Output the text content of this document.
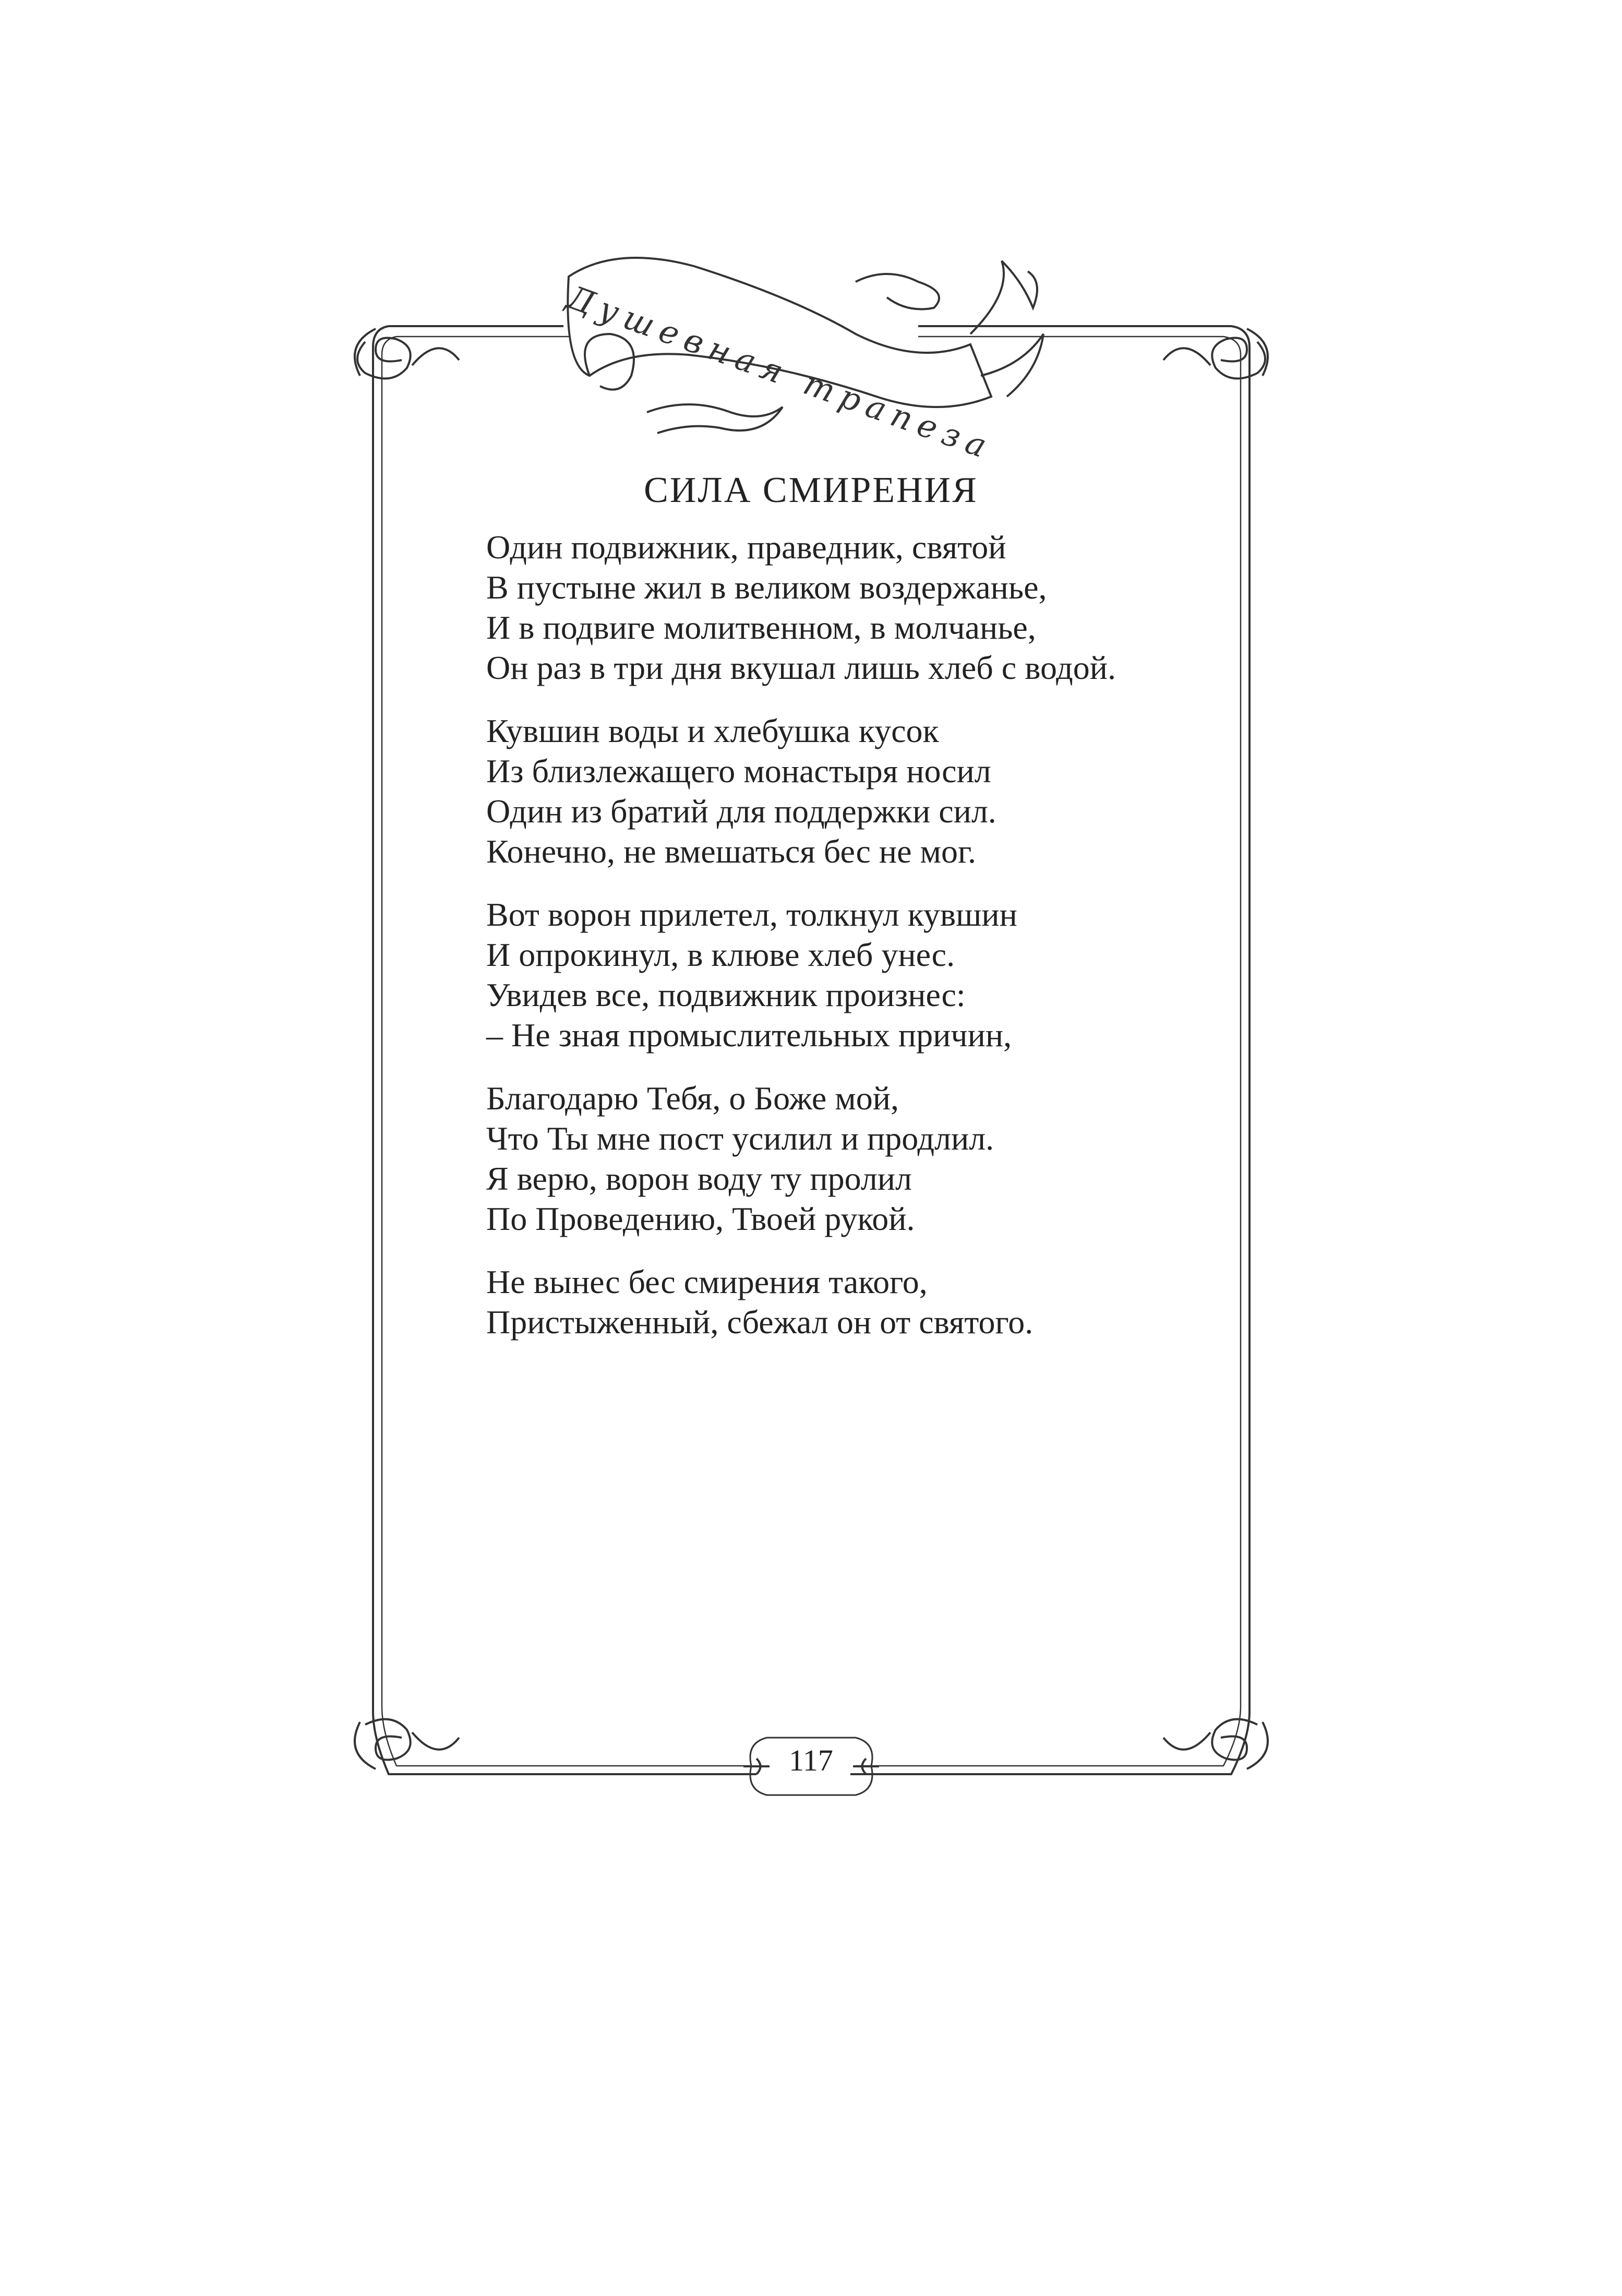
Душевная трапеза
СИЛА СМИРЕНИЯ
Один подвижник, праведник, святой
В пустыне жил в великом воздержанье,
И в подвиге молитвенном, в молчанье,
Он раз в три дня вкушал лишь хлеб с водой.
Кувшин воды и хлебушка кусок
Из близлежащего монастыря носил
Один из братий для поддержки сил.
Конечно, не вмешаться бес не мог.
Вот ворон прилетел, толкнул кувшин
И опрокинул, в клюве хлеб унес.
Увидев все, подвижник произнес:
– Не зная промыслительных причин,
Благодарю Тебя, о Боже мой,
Что Ты мне пост усилил и продлил.
Я верю, ворон воду ту пролил
По Проведению, Твоей рукой.
Не вынес бес смирения такого,
Пристыженный, сбежал он от святого.
117
